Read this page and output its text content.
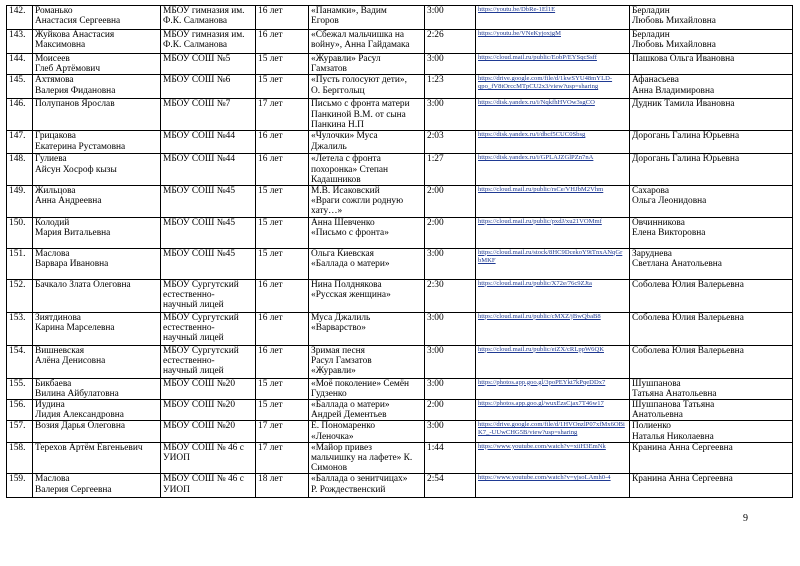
142.	Романько
Анастасия Сергеевна	МБОУ гимназия им.
Ф.К. Салманова	16 лет	«Панамки», Вадим
Егоров	3:00	https://youtu.be/DbRe-1El1E	Берладин
Любовь Михайловна
143.	Жуйкова Анастасия
Максимовна	МБОУ гимназия им.
Ф.К. Салманова	16 лет	«Сбежал мальчишка на
войну», Анна Гайдамака	2:26	https://youtu.be/VNeKyjoxjgM	Берладин
Любовь Михайловна
144.	Моисеев
Глеб Артёмович	МБОУ СОШ №5	15 лет	«Журавли» Расул
Гамзатов	3:00	https://cloud.mail.ru/public/EobP/EYSqcSsff	Пашкова Ольга Ивановна
145.	Ахтямова
Валерия Фидановна	МБОУ СОШ №6	15 лет	«Пусть голосуют дети»,
О. Бергголыц	1:23	https://drive.google.com/file/d/1kwSYU48mYLD-
qpo_fV8tOrccMTpCU2x3/view?usp=sharing	Афанасьева
Анна Владимировна
146.	Полупанов Ярослав	МБОУ СОШ №7	17 лет	Письмо с фронта матери
Панкиной В.М. от сына
Панкина Н.П	3:00	https://disk.yandex.ru/i/NqkfhHVOw3sgCO	Дудник Тамила Ивановна
147.	Грицакова
Екатерина Рустамовна	МБОУ СОШ №44	16 лет	«Чулочки» Муса
Джалиль	2:03	https://disk.yandex.ru/i/dbcf5CUC0Sbsg	Дорогань Галина Юрьевна
148.	Гулиева
Айсун Хосроф кызы	МБОУ СОШ №44	16 лет	«Летела с фронта
похоронка» Степан
Кадашников	1:27	https://disk.yandex.ru/i/GPLAJZGlPZn7nA	Дорогань Галина Юрьевна
149.	Жильцова
Анна Андреевна	МБОУ СОШ №45	15 лет	М.В. Исаковский
«Враги сожгли родную
хату…»	2:00	https://cloud.mail.ru/public/rsCe/VHJbM2Vhm	Сахарова
Ольга Леонидовна
150.	Колодий
Мария Витальевна	МБОУ СОШ №45	15 лет	Анна Шевченко
«Письмо с фронта»	2:00	https://cloud.mail.ru/public/pxdJ/xu21VOMmf	Овчинникова
Елена Викторовна
151.	Маслова
Варвара Ивановна	МБОУ СОШ №45	15 лет	Ольга Киевская
«Баллада о матери»	3:00	https://cloud.mail.ru/stock/8HC9DcekoY9tTnxANqGr
bMKF	Заруднева
Светлана Анатольевна
152.	Бачкало Злата Олеговна	МБОУ Сургутский
естественно-
научный лицей	16 лет	Нина Полднякова
«Русская женщина»	2:30	https://cloud.mail.ru/public/X72e/76c9ZJta	Соболева Юлия Валерьевна
153.	Зиятдинова
Карина Марселевна	МБОУ Сургутский
естественно-
научный лицей	16 лет	Муса Джалиль
«Варварство»	3:00	https://cloud.mail.ru/public/cMXZ/jBwQbaB8	Соболева Юлия Валерьевна
154.	Вишневская
Алёна Денисовна	МБОУ Сургутский
естественно-
научный лицей	16 лет	Зримая песня
Расул Гамзатов
«Журавли»	3:00	https://cloud.mail.ru/public/eiZX/cRLppW6QK	Соболева Юлия Валерьевна
155.	Бикбаева
Вилина Айбулатовна	МБОУ СОШ №20	15 лет	«Моё поколение» Семён
Гудзенко	3:00	https://photos.app.goo.gl/3poPEYkt7kPqeDDx7	Шушпанова
Татьяна Анатольевна
156.	Иудина
Лидия Александровна	МБОУ СОШ №20	15 лет	«Баллада о матери»
Андрей Дементьев	2:00	https://photos.app.goo.gl/wuxEzsCjax7T46w17	Шушпанова Татьяна
Анатольевна
157.	Возия Дарья Олеговна	МБОУ СОШ №20	17 лет	Е. Пономаренко
«Леночка»	3:00	https://drive.google.com/file/d/1HVOnzlP07xfMx6OBi
K7_-UUwCHG5B/view?usp=sharing	Полиенко
Наталья Николаевна
158.	Терехов Артём Евгеньевич	МБОУ СОШ № 46 с
УИОП	17 лет	«Майор привез
мальчишку на лафете» К.
Симонов	1:44	https://www.youtube.com/watch?v=xiiH3EmNk	Кранина Анна Сергеевна
159.	Маслова
Валерия Сергеевна	МБОУ СОШ № 46 с
УИОП	18 лет	«Баллада о зенитчицах»
Р. Рождественский	2:54	https://www.youtube.com/watch?v=yjsoLAmh0-4	Кранина Анна Сергеевна
9
